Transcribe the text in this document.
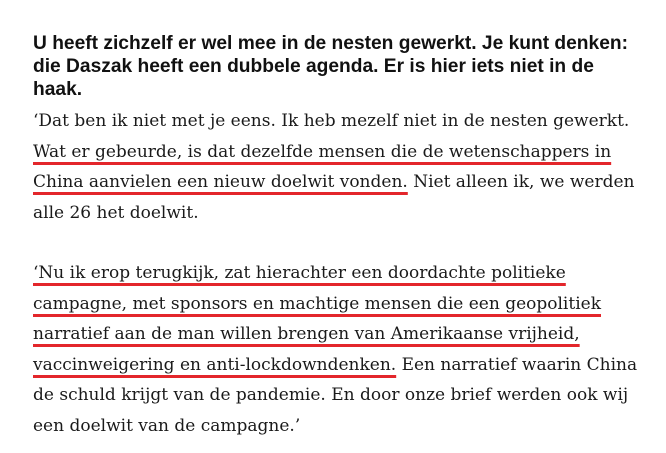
U heeft zichzelf er wel mee in de nesten gewerkt. Je kunt denken: die Daszak heeft een dubbele agenda. Er is hier iets niet in de haak.

‘Dat ben ik niet met je eens. Ik heb mezelf niet in de nesten gewerkt. Wat er gebeurde, is dat dezelfde mensen die de wetenschappers in China aanvielen een nieuw doelwit vonden. Niet alleen ik, we werden alle 26 het doelwit.

‘Nu ik erop terugkijk, zat hierachter een doordachte politieke campagne, met sponsors en machtige mensen die een geopolitiek narratief aan de man willen brengen van Amerikaanse vrijheid, vaccinweigering en anti-lockdowndenken. Een narratief waarin China de schuld krijgt van de pandemie. En door onze brief werden ook wij een doelwit van de campagne.’
